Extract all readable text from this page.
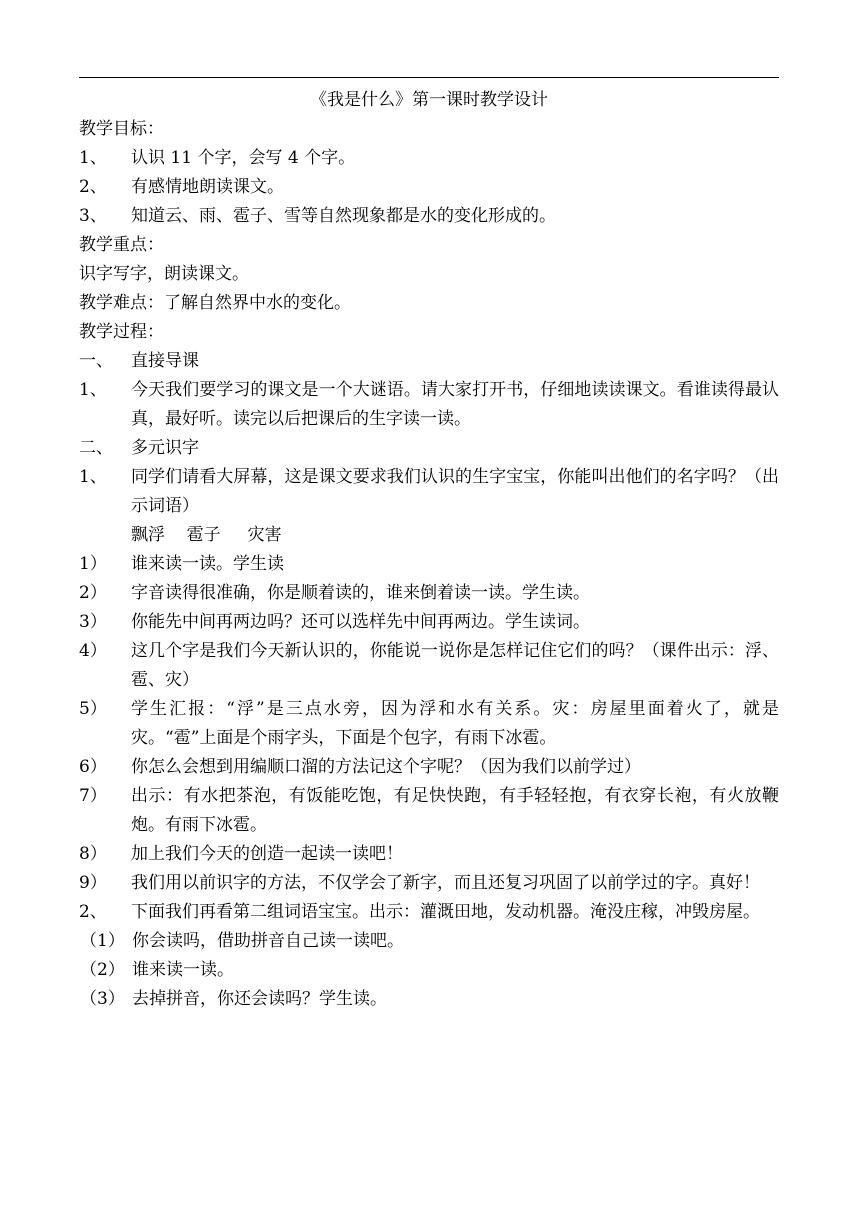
《我是什么》第一课时教学设计
教学目标：
1、	认识 11 个字，会写 4 个字。
2、	有感情地朗读课文。
3、	知道云、雨、雹子、雪等自然现象都是水的变化形成的。
教学重点：
识字写字，朗读课文。
教学难点：了解自然界中水的变化。
教学过程：
一、	直接导课
1、	今天我们要学习的课文是一个大谜语。请大家打开书，仔细地读读课文。看谁读得最认真，最好听。读完以后把课后的生字读一读。
二、	多元识字
1、	同学们请看大屏幕，这是课文要求我们认识的生字宝宝，你能叫出他们的名字吗？（出示词语）
飘浮    雹子     灾害
1）	谁来读一读。学生读
2）	字音读得很准确，你是顺着读的，谁来倒着读一读。学生读。
3）	你能先中间再两边吗？还可以选样先中间再两边。学生读词。
4）	这几个字是我们今天新认识的，你能说一说你是怎样记住它们的吗？（课件出示：浮、雹、灾）
5）	学生汇报：“浮”是三点水旁，因为浮和水有关系。灾：房屋里面着火了，就是灾。“雹”上面是个雨字头，下面是个包字，有雨下冰雹。
6）	你怎么会想到用编顺口溜的方法记这个字呢？（因为我们以前学过）
7）	出示：有水把茶泡，有饭能吃饱，有足快快跑，有手轻轻抱，有衣穿长袍，有火放鞭炮。有雨下冰雹。
8）	加上我们今天的创造一起读一读吧！
9）	我们用以前识字的方法，不仅学会了新字，而且还复习巩固了以前学过的字。真好！
2、	下面我们再看第二组词语宝宝。出示：灌溉田地，发动机器。淹没庄稼，冲毁房屋。
（1） 你会读吗，借助拼音自己读一读吧。
（2） 谁来读一读。
（3） 去掉拼音，你还会读吗？学生读。
